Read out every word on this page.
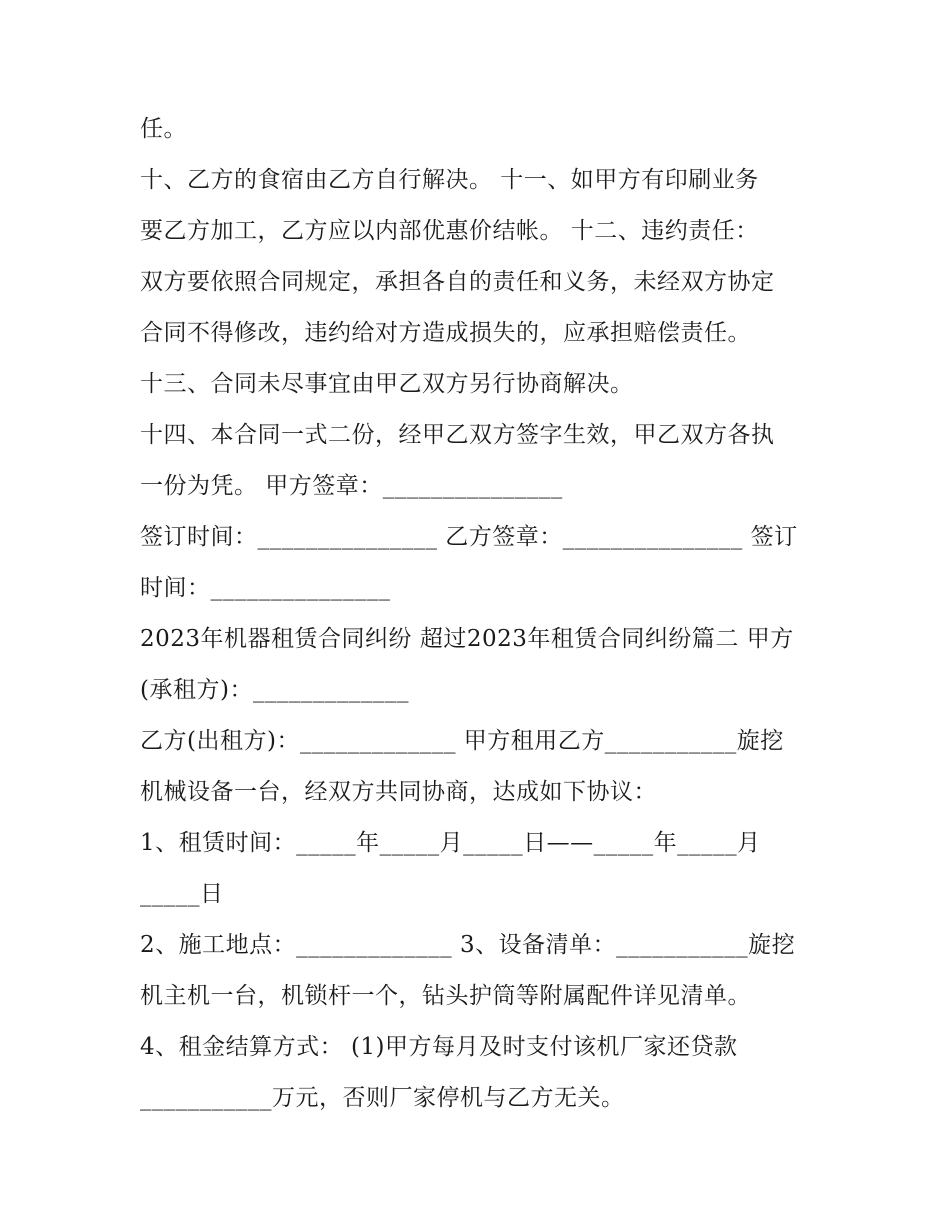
任。
十、乙方的食宿由乙方自行解决。 十一、如甲方有印刷业务
要乙方加工，乙方应以内部优惠价结帐。 十二、违约责任：
双方要依照合同规定，承担各自的责任和义务，未经双方协定
合同不得修改，违约给对方造成损失的，应承担赔偿责任。
十三、合同未尽事宜由甲乙双方另行协商解决。
十四、本合同一式二份，经甲乙双方签字生效，甲乙双方各执
一份为凭。 甲方签章：_______________
签订时间：_______________ 乙方签章：_______________ 签订
时间：_______________
2023年机器租赁合同纠纷 超过2023年租赁合同纠纷篇二 甲方
(承租方)：_____________
乙方(出租方)：_____________ 甲方租用乙方___________旋挖
机械设备一台，经双方共同协商，达成如下协议：
1、租赁时间：_____年_____月_____日——_____年_____月
_____日
2、施工地点：_____________ 3、设备清单：___________旋挖
机主机一台，机锁杆一个，钻头护筒等附属配件详见清单。
4、租金结算方式： (1)甲方每月及时支付该机厂家还贷款
___________万元，否则厂家停机与乙方无关。
